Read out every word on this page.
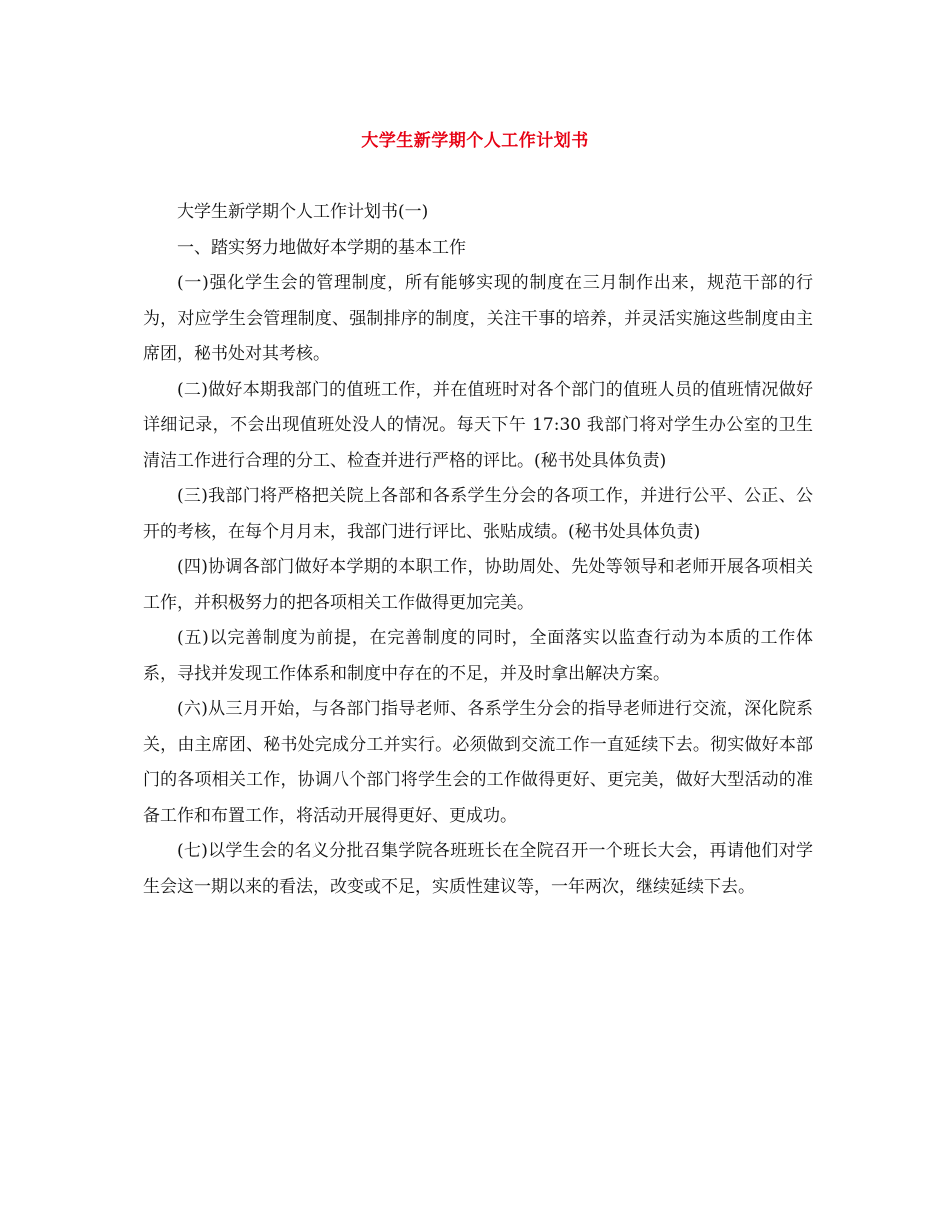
大学生新学期个人工作计划书

大学生新学期个人工作计划书(一)

一、踏实努力地做好本学期的基本工作

(一)强化学生会的管理制度，所有能够实现的制度在三月制作出来，规范干部的行为，对应学生会管理制度、强制排序的制度，关注干事的培养，并灵活实施这些制度由主席团，秘书处对其考核。

(二)做好本期我部门的值班工作，并在值班时对各个部门的值班人员的值班情况做好详细记录，不会出现值班处没人的情况。每天下午 17:30 我部门将对学生办公室的卫生清洁工作进行合理的分工、检查并进行严格的评比。(秘书处具体负责)

(三)我部门将严格把关院上各部和各系学生分会的各项工作，并进行公平、公正、公开的考核，在每个月月末，我部门进行评比、张贴成绩。(秘书处具体负责)

(四)协调各部门做好本学期的本职工作，协助周处、先处等领导和老师开展各项相关工作，并积极努力的把各项相关工作做得更加完美。

(五)以完善制度为前提，在完善制度的同时，全面落实以监查行动为本质的工作体系，寻找并发现工作体系和制度中存在的不足，并及时拿出解决方案。

(六)从三月开始，与各部门指导老师、各系学生分会的指导老师进行交流，深化院系关，由主席团、秘书处完成分工并实行。必须做到交流工作一直延续下去。彻实做好本部门的各项相关工作，协调八个部门将学生会的工作做得更好、更完美，做好大型活动的准备工作和布置工作，将活动开展得更好、更成功。

(七)以学生会的名义分批召集学院各班班长在全院召开一个班长大会，再请他们对学生会这一期以来的看法，改变或不足，实质性建议等，一年两次，继续延续下去。
